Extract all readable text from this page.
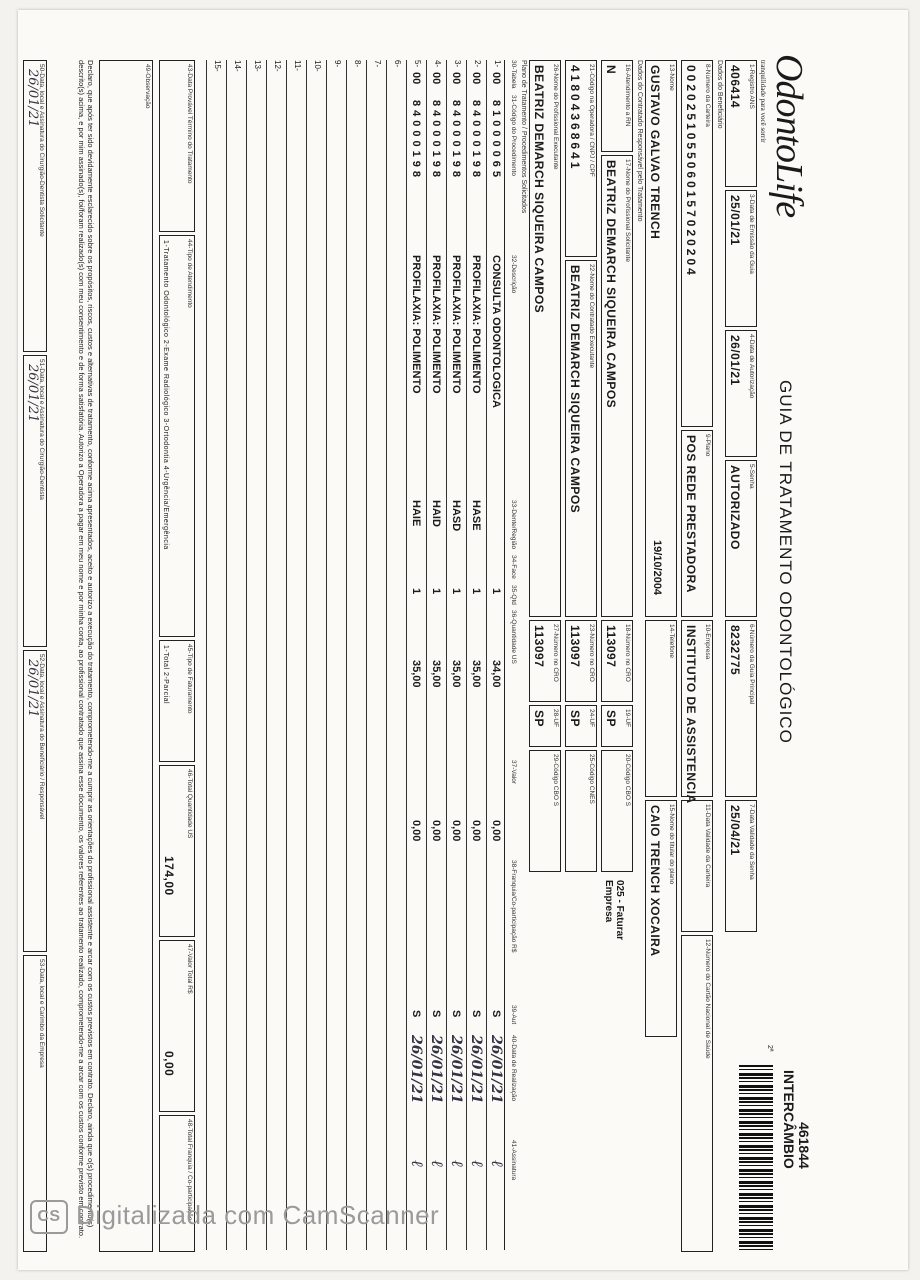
OdontoLife
tranquilidade para você sorrir
GUIA DE TRATAMENTO ODONTOLÓGICO
461844
INTERCÂMBIO
2ª
1-Registro ANS
406414
3-Data de Emissão da Guia
25/01/21
4-Data de Autorização
26/01/21
5-Senha
AUTORIZADO
6-Número da Guia Principal
8232775
7-Data Validade da Senha
25/04/21
Dados do Beneficiário
8-Número da Carteira
0020251055060157020204
9-Plano
POS REDE PRESTADORA
10-Empresa
INSTITUTO DE ASSISTENCIA
11-Data Validade da Carteira
12-Número do Cartão Nacional de Saúde
13-Nome
GUSTAVO GALVAO TRENCH
14-Telefone
19/10/2004
15-Nome do titular do plano
CAIO TRENCH XOCAIRA
Dados do Contratado Responsável pelo Tratamento
16-Atendimento a RN
N
17-Nome do Profissional Solicitante
BEATRIZ DEMARCH SIQUEIRA CAMPOS
18-Número no CRO
113097
19-UF
SP
20-Código CBO S
025 - Faturar Empresa
21-Código na Operadora / CNPJ / CPF
41804368641
22-Nome do Contratado Executante
BEATRIZ DEMARCH SIQUEIRA CAMPOS
23-Número no CRO
113097
24-UF
SP
25-Código CNES
26-Nome do Profissional Executante
BEATRIZ DEMARCH SIQUEIRA CAMPOS
27-Número no CRO
113097
28-UF
SP
29-Código CBO S
Plano de Tratamento / Procedimentos Solicitados
30-Tabela
31-Código do Procedimento
32-Descrição
33-Dente/Região
34-Face
35-Qtd
36-Quantidade US
37-Valor
38-Franquia/Co-participação R$
39-Aut
40-Data de Realização
41-Assinatura
1-
00
81000065
CONSULTA ODONTOLOGICA
1
34,00
0,00
S
26/01/21
ℓ
2-
00
84000198
PROFILAXIA: POLIMENTO
HASE
1
35,00
0,00
S
26/01/21
ℓ
3-
00
84000198
PROFILAXIA: POLIMENTO
HASD
1
35,00
0,00
S
26/01/21
ℓ
4-
00
84000198
PROFILAXIA: POLIMENTO
HAID
1
35,00
0,00
S
26/01/21
ℓ
5-
00
84000198
PROFILAXIA: POLIMENTO
HAIE
1
35,00
0,00
S
26/01/21
ℓ
6-
7-
8-
9-
10-
11-
12-
13-
14-
15-
43-Data Provável Término do Tratamento
44-Tipo de Atendimento
1-Tratamento Odontológico 2-Exame Radiológico 3-Ortodontia 4-Urgência/Emergência
45-Tipo de Faturamento
1-Total 2-Parcial
46-Total Quantidade US
174,00
47-Valor Total R$
0,00
48-Total Franquia / Co-participação
49-Observação
Declaro, que após ter sido devidamente esclarecido sobre os propósitos, riscos, custos e alternativas de tratamento, conforme acima apresentados, aceito e autorizo a execução do tratamento, comprometendo-me a cumprir as orientações do profissional assistente e arcar com os custos previstos em contrato. Declaro, ainda que o(s) procedimento(s) descrito(s) acima, e por mim assinado(s), foi/foram realizado(s) com meu consentimento e de forma satisfatória. Autorizo a Operadora a pagar em meu nome e por minha conta, ao profissional contratado que assina esse documento, os valores referentes ao tratamento realizado, comprometendo-me a arcar com os custos conforme previsto em contrato.
50-Data, local e Assinatura do Cirurgião-Dentista Solicitante
26/01/21
51-Data, local e Assinatura do Cirurgião-Dentista
26/01/21
52-Data, local e Assinatura do Beneficiário / Responsável
26/01/21
53-Data, local e Carimbo da Empresa
CS Digitalizada com CamScanner
